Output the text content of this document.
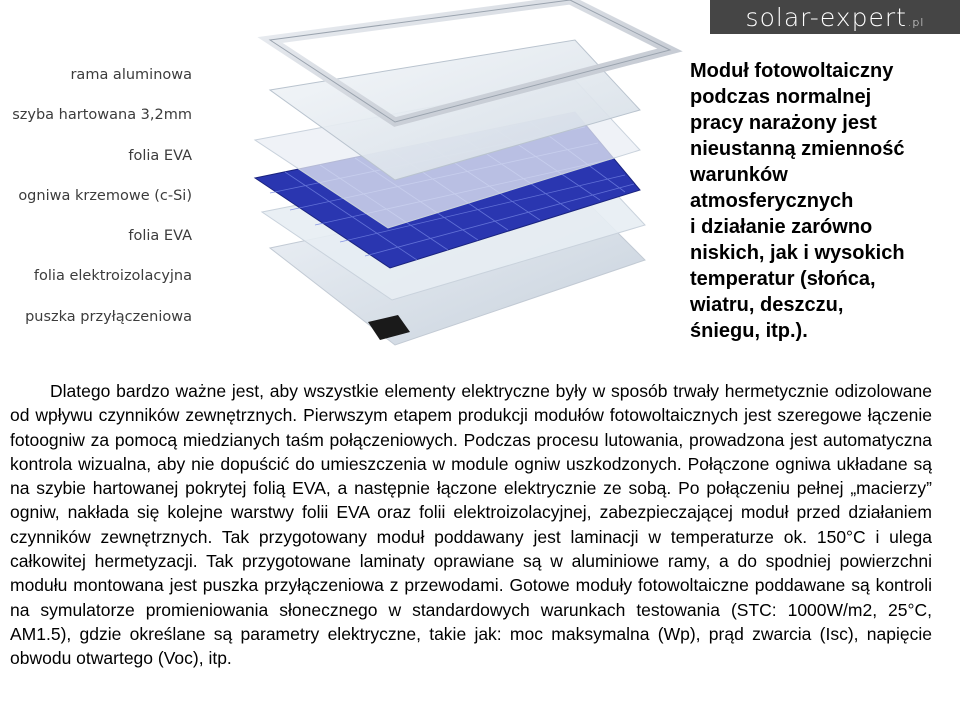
solar-expert .pl
rama aluminowa
szyba hartowana 3,2mm
folia EVA
ogniwa krzemowe (c-Si)
folia EVA
folia elektroizolacyjna
puszka przyłączeniowa
Moduł fotowoltaiczny
podczas normalnej
pracy narażony jest
nieustanną zmienność
warunków
atmosferycznych
i działanie zarówno
niskich, jak i wysokich
temperatur (słońca,
wiatru, deszczu,
śniegu, itp.).

Dlatego bardzo ważne jest, aby wszystkie elementy elektryczne były w sposób trwały hermetycznie odizolowane od wpływu czynników zewnętrznych. Pierwszym etapem produkcji modułów fotowoltaicznych jest szeregowe łączenie fotoogniw za pomocą miedzianych taśm połączeniowych. Podczas procesu lutowania, prowadzona jest automatyczna kontrola wizualna, aby nie dopuścić do umieszczenia w module ogniw uszkodzonych. Połączone ogniwa układane są na szybie hartowanej pokrytej folią EVA, a następnie łączone elektrycznie ze sobą. Po połączeniu pełnej „macierzy” ogniw, nakłada się kolejne warstwy folii EVA oraz folii elektroizolacyjnej, zabezpieczającej moduł przed działaniem czynników zewnętrznych. Tak przygotowany moduł poddawany jest laminacji w temperaturze ok. 150°C i ulega całkowitej hermetyzacji. Tak przygotowane laminaty oprawiane są w aluminiowe ramy, a do spodniej powierzchni modułu montowana jest puszka przyłączeniowa z przewodami. Gotowe moduły fotowoltaiczne poddawane są kontroli na symulatorze promieniowania słonecznego w standardowych warunkach testowania (STC: 1000W/m2, 25°C, AM1.5), gdzie określane są parametry elektryczne, takie jak: moc maksymalna (Wp), prąd zwarcia (Isc), napięcie obwodu otwartego (Voc), itp.
